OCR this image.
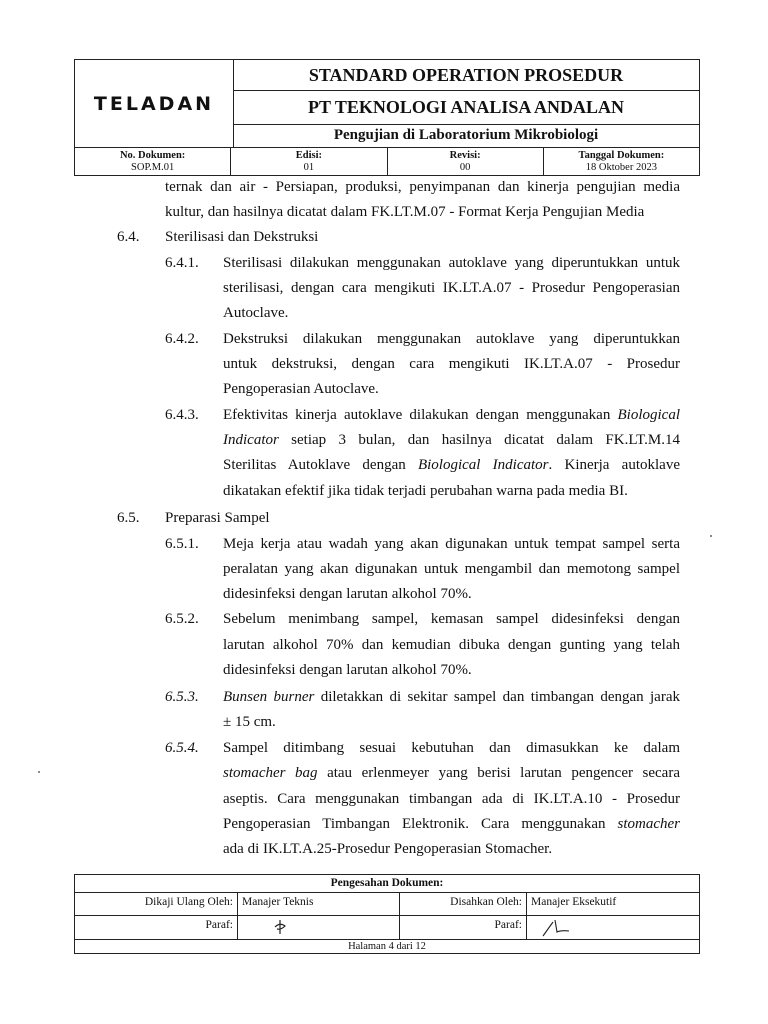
TELADAN
STANDARD OPERATION PROSEDUR
PT TEKNOLOGI ANALISA ANDALAN
Pengujian di Laboratorium Mikrobiologi
No. Dokumen:
SOP.M.01
Edisi:
01
Revisi:
00
Tanggal Dokumen:
18 Oktober 2023
ternak dan air - Persiapan, produksi, penyimpanan dan kinerja pengujian media
kultur, dan hasilnya dicatat dalam FK.LT.M.07 - Format Kerja Pengujian Media
6.4. Sterilisasi dan Dekstruksi
6.4.1. Sterilisasi dilakukan menggunakan autoklave yang diperuntukkan untuk
sterilisasi, dengan cara mengikuti IK.LT.A.07 - Prosedur Pengoperasian
Autoclave.
6.4.2. Dekstruksi dilakukan menggunakan autoklave yang diperuntukkan
untuk dekstruksi, dengan cara mengikuti IK.LT.A.07 - Prosedur
Pengoperasian Autoclave.
6.4.3. Efektivitas kinerja autoklave dilakukan dengan menggunakan Biological
Indicator setiap 3 bulan, dan hasilnya dicatat dalam FK.LT.M.14
Sterilitas Autoklave dengan Biological Indicator. Kinerja autoklave
dikatakan efektif jika tidak terjadi perubahan warna pada media BI.
6.5. Preparasi Sampel
6.5.1. Meja kerja atau wadah yang akan digunakan untuk tempat sampel serta
peralatan yang akan digunakan untuk mengambil dan memotong sampel
didesinfeksi dengan larutan alkohol 70%.
6.5.2. Sebelum menimbang sampel, kemasan sampel didesinfeksi dengan
larutan alkohol 70% dan kemudian dibuka dengan gunting yang telah
didesinfeksi dengan larutan alkohol 70%.
6.5.3. Bunsen burner diletakkan di sekitar sampel dan timbangan dengan jarak
± 15 cm.
6.5.4. Sampel ditimbang sesuai kebutuhan dan dimasukkan ke dalam
stomacher bag atau erlenmeyer yang berisi larutan pengencer secara
aseptis. Cara menggunakan timbangan ada di IK.LT.A.10 - Prosedur
Pengoperasian Timbangan Elektronik. Cara menggunakan stomacher
ada di IK.LT.A.25-Prosedur Pengoperasian Stomacher.
Pengesahan Dokumen:
Dikaji Ulang Oleh: Manajer Teknis	Disahkan Oleh: Manajer Eksekutif
Paraf:	Paraf:
Halaman 4 dari 12
